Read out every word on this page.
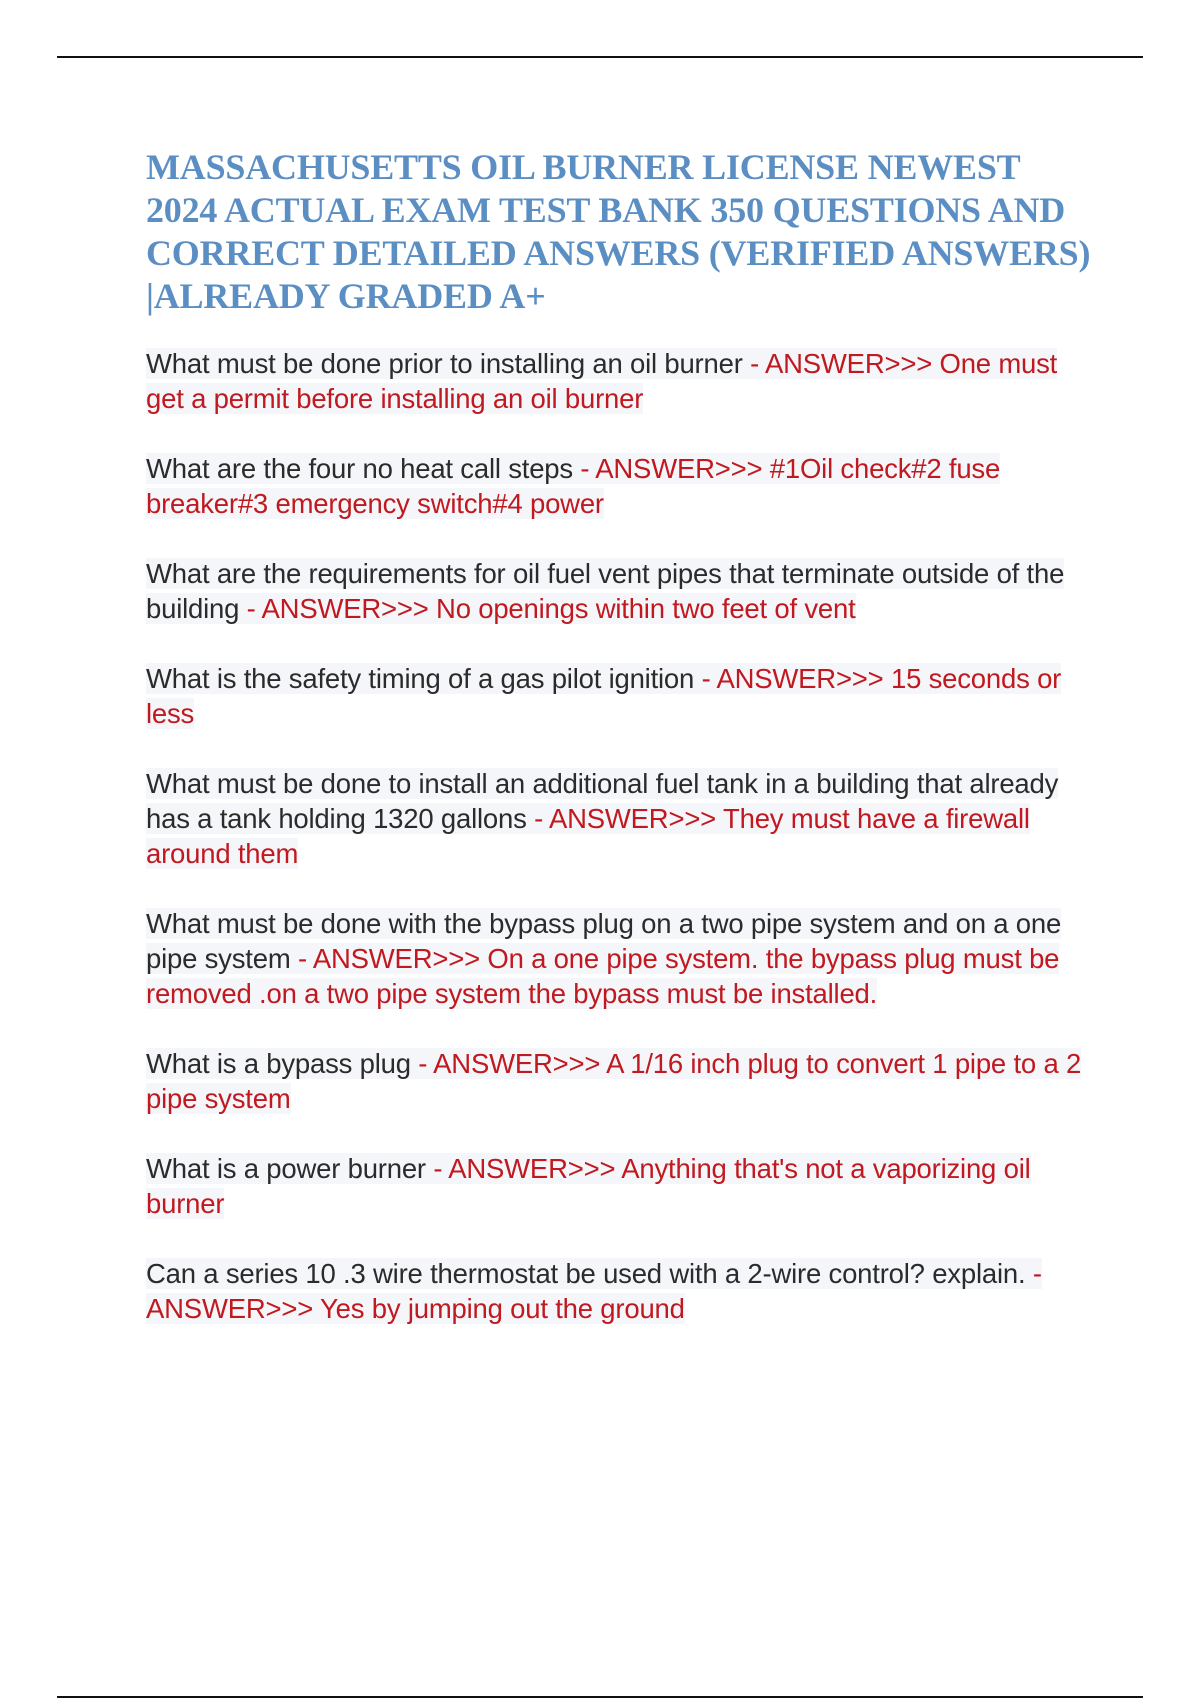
MASSACHUSETTS OIL BURNER LICENSE NEWEST 2024 ACTUAL EXAM TEST BANK 350 QUESTIONS AND CORRECT DETAILED ANSWERS (VERIFIED ANSWERS) |ALREADY GRADED A+
What must be done prior to installing an oil burner - ANSWER>>> One must get a permit before installing an oil burner
What are the four no heat call steps - ANSWER>>> #1Oil check#2 fuse breaker#3 emergency switch#4 power
What are the requirements for oil fuel vent pipes that terminate outside of the building - ANSWER>>> No openings within two feet of vent
What is the safety timing of a gas pilot ignition - ANSWER>>> 15 seconds or less
What must be done to install an additional fuel tank in a building that already has a tank holding 1320 gallons - ANSWER>>> They must have a firewall around them
What must be done with the bypass plug on a two pipe system and on a one pipe system - ANSWER>>> On a one pipe system. the bypass plug must be removed .on a two pipe system the bypass must be installed.
What is a bypass plug - ANSWER>>> A 1/16 inch plug to convert 1 pipe to a 2 pipe system
What is a power burner - ANSWER>>> Anything that's not a vaporizing oil burner
Can a series 10 .3 wire thermostat be used with a 2-wire control? explain. - ANSWER>>> Yes by jumping out the ground
